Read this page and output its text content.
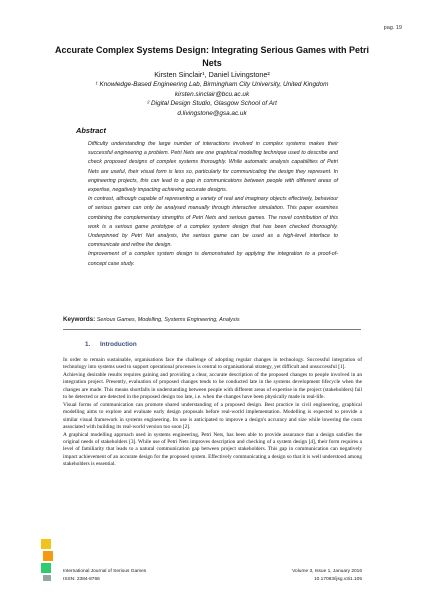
pag. 19
Accurate Complex Systems Design: Integrating Serious Games with Petri Nets
Kirsten Sinclair¹, Daniel Livingstone²
¹ Knowledge-Based Engineering Lab, Birmingham City University, United Kingdom
kirsten.sinclair@bcu.ac.uk
² Digital Design Studio, Glasgow School of Art
d.livingstone@gsa.ac.uk
Abstract

Difficulty understanding the large number of interactions involved in complex systems makes their successful engineering a problem. Petri Nets are one graphical modelling technique used to describe and check proposed designs of complex systems thoroughly. While automatic analysis capabilities of Petri Nets are useful, their visual form is less so, particularly for communicating the design they represent. In engineering projects, this can lead to a gap in communications between people with different areas of expertise, negatively impacting achieving accurate designs.

In contrast, although capable of representing a variety of real and imaginary objects effectively, behaviour of serious games can only be analysed manually through interactive simulation. This paper examines combining the complementary strengths of Petri Nets and serious games. The novel contribution of this work is a serious game prototype of a complex system design that has been checked thoroughly. Underpinned by Petri Net analysis, the serious game can be used as a high-level interface to communicate and refine the design.

Improvement of a complex system design is demonstrated by applying the integration to a proof-of-concept case study.

Keywords: Serious Games, Modelling, Systems Engineering, Analysis
1. Introduction

In order to remain sustainable, organisations face the challenge of adopting regular changes in technology. Successful integration of technology into systems used to support operational processes is central to organisational strategy, yet difficult and unsuccessful [1].

Achieving desirable results requires gaining and providing a clear, accurate description of the proposed changes to people involved in an integration project. Presently, evaluation of proposed changes tends to be conducted late in the systems development lifecycle when the changes are made. This means shortfalls in understanding between people with different areas of expertise in the project (stakeholders) fail to be detected or are detected in the proposed design too late, i.e. when the changes have been physically made in real-life.

Visual forms of communication can promote shared understanding of a proposed design. Best practice in civil engineering, graphical modelling aims to explore and evaluate early design proposals before real-world implementation. Modelling is expected to provide a similar visual framework in systems engineering. Its use is anticipated to improve a design's accuracy and size while lowering the costs associated with building its real-world version too soon [2].

A graphical modelling approach used in systems engineering, Petri Nets, has been able to provide assurance that a design satisfies the original needs of stakeholders [3]. While use of Petri Nets improves description and checking of a system design [4], their form requires a level of familiarity that leads to a natural communication gap between project stakeholders. This gap in communication can negatively impact achievement of an accurate design for the proposed system. Effectively communicating a design so that it is well understood among stakeholders is essential.

International Journal of Serious Games
ISSN: 2384-8766
Volume 3, Issue 1, January 2016
10.17083/ijsg.v3i1.105
